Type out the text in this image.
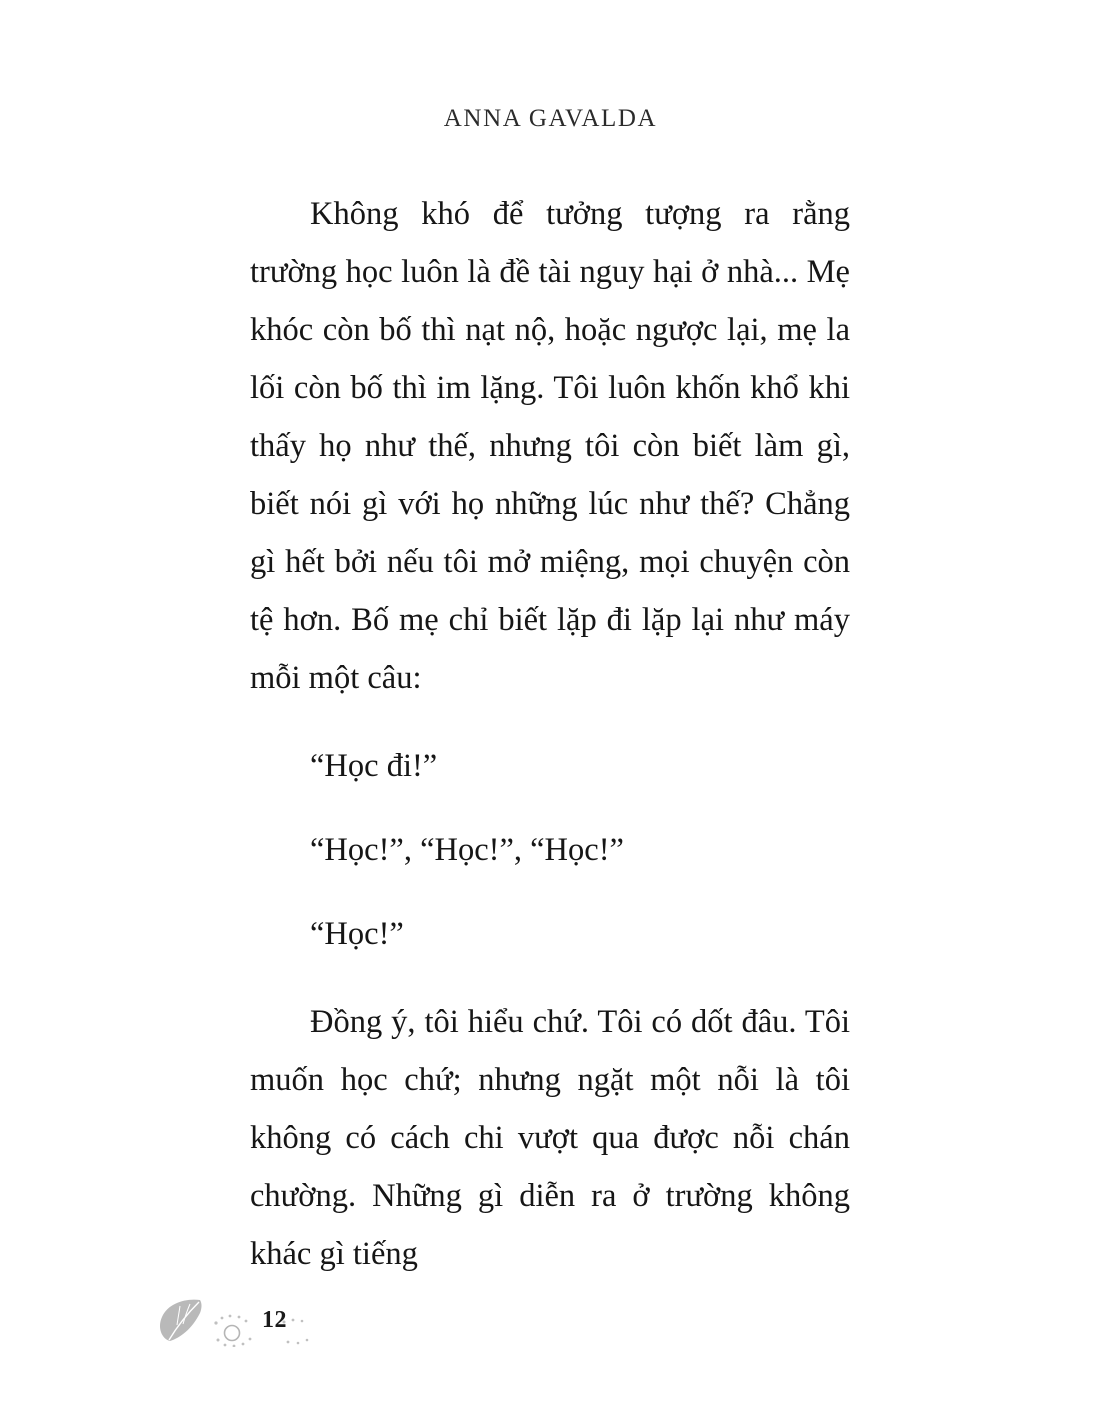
ANNA GAVALDA

Không khó để tưởng tượng ra rằng trường học luôn là đề tài nguy hại ở nhà... Mẹ khóc còn bố thì nạt nộ, hoặc ngược lại, mẹ la lối còn bố thì im lặng. Tôi luôn khốn khổ khi thấy họ như thế, nhưng tôi còn biết làm gì, biết nói gì với họ những lúc như thế? Chẳng gì hết bởi nếu tôi mở miệng, mọi chuyện còn tệ hơn. Bố mẹ chỉ biết lặp đi lặp lại như máy mỗi một câu:

“Học đi!”

“Học!”, “Học!”, “Học!”

“Học!”

Đồng ý, tôi hiểu chứ. Tôi có dốt đâu. Tôi muốn học chứ; nhưng ngặt một nỗi là tôi không có cách chi vượt qua được nỗi chán chường. Những gì diễn ra ở trường không khác gì tiếng

12
